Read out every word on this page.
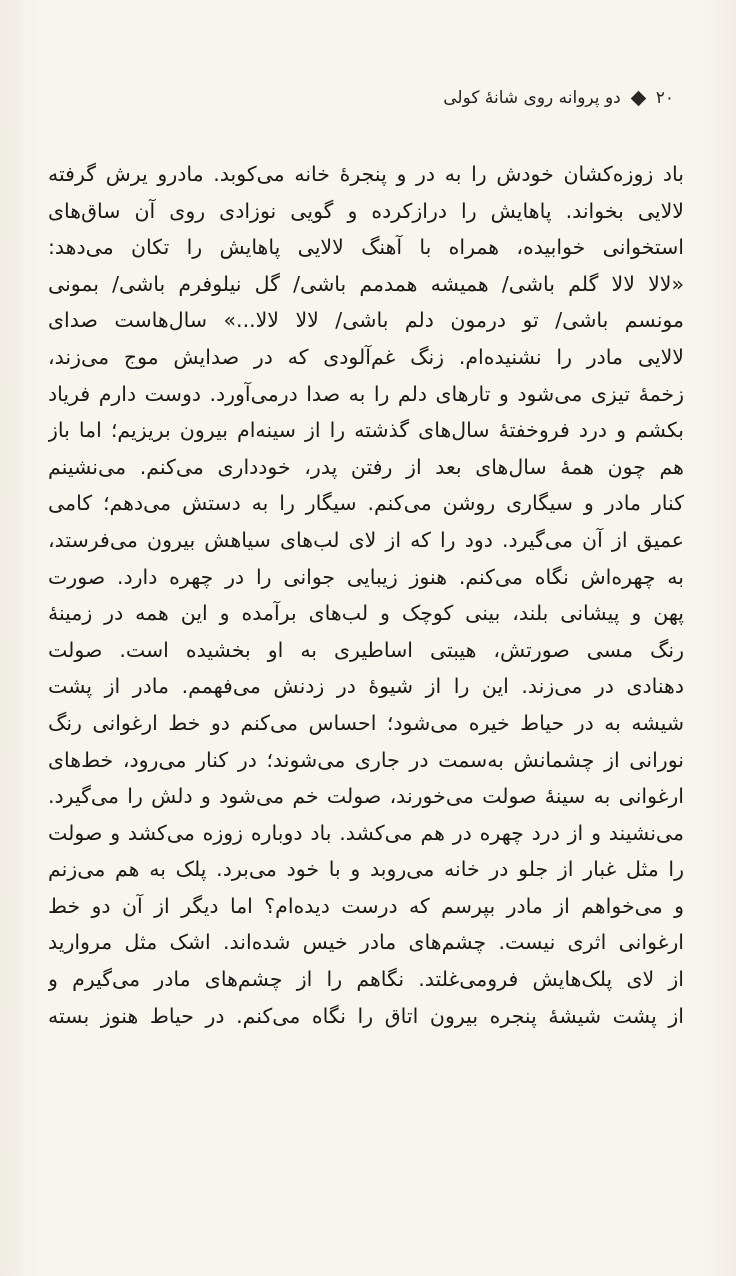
۲۰
دو پروانه روی شانهٔ کولی
باد زوزه‌کشان خودش را به در و پنجرهٔ خانه می‌کوبد. مادرو یرش گرفته
لالایی بخواند. پاهایش را درازکرده و گویی نوزادی روی آن ساق‌های
استخوانی خوابیده، همراه با آهنگ لالایی پاهایش را تکان می‌دهد:
«لالا لالا گلم باشی/ همیشه همدمم باشی/ گل نیلوفرم باشی/ بمونی
مونسم باشی/ تو درمون دلم باشی/ لالا لالا...» سال‌هاست صدای
لالایی مادر را نشنیده‌ام. زنگ غم‌آلودی که در صدایش موج می‌زند،
زخمهٔ تیزی می‌شود و تارهای دلم را به صدا درمی‌آورد. دوست دارم فریاد
بکشم و درد فروخفتهٔ سال‌های گذشته را از سینه‌ام بیرون بریزیم؛ اما باز
هم چون همهٔ سال‌های بعد از رفتن پدر، خودداری می‌کنم. می‌نشینم
کنار مادر و سیگاری روشن می‌کنم. سیگار را به دستش می‌دهم؛ کامی
عمیق از آن می‌گیرد. دود را که از لای لب‌های سیاهش بیرون می‌فرستد،
به چهره‌اش نگاه می‌کنم. هنوز زیبایی جوانی را در چهره دارد. صورت
پهن و پیشانی بلند، بینی کوچک و لب‌های برآمده و این همه در زمینهٔ
رنگ مسی صورتش، هیبتی اساطیری به او بخشیده است. صولت
دهنادی در می‌زند. این را از شیوهٔ در زدنش می‌فهمم. مادر از پشت
شیشه به در حیاط خیره می‌شود؛ احساس می‌کنم دو خط ارغوانی رنگ
نورانی از چشمانش به‌سمت در جاری می‌شوند؛ در کنار می‌رود، خط‌های
ارغوانی به سینهٔ صولت می‌خورند، صولت خم می‌شود و دلش را می‌گیرد.
می‌نشیند و از درد چهره در هم می‌کشد. باد دوباره زوزه می‌کشد و صولت
را مثل غبار از جلو در خانه می‌روبد و با خود می‌برد. پلک به هم می‌زنم
و می‌خواهم از مادر بپرسم که درست دیده‌ام؟ اما دیگر از آن دو خط
ارغوانی اثری نیست. چشم‌های مادر خیس شده‌اند. اشک مثل مروارید
از لای پلک‌هایش فرومی‌غلتد. نگاهم را از چشم‌های مادر می‌گیرم و
از پشت شیشهٔ پنجره بیرون اتاق را نگاه می‌کنم. در حیاط هنوز بسته
